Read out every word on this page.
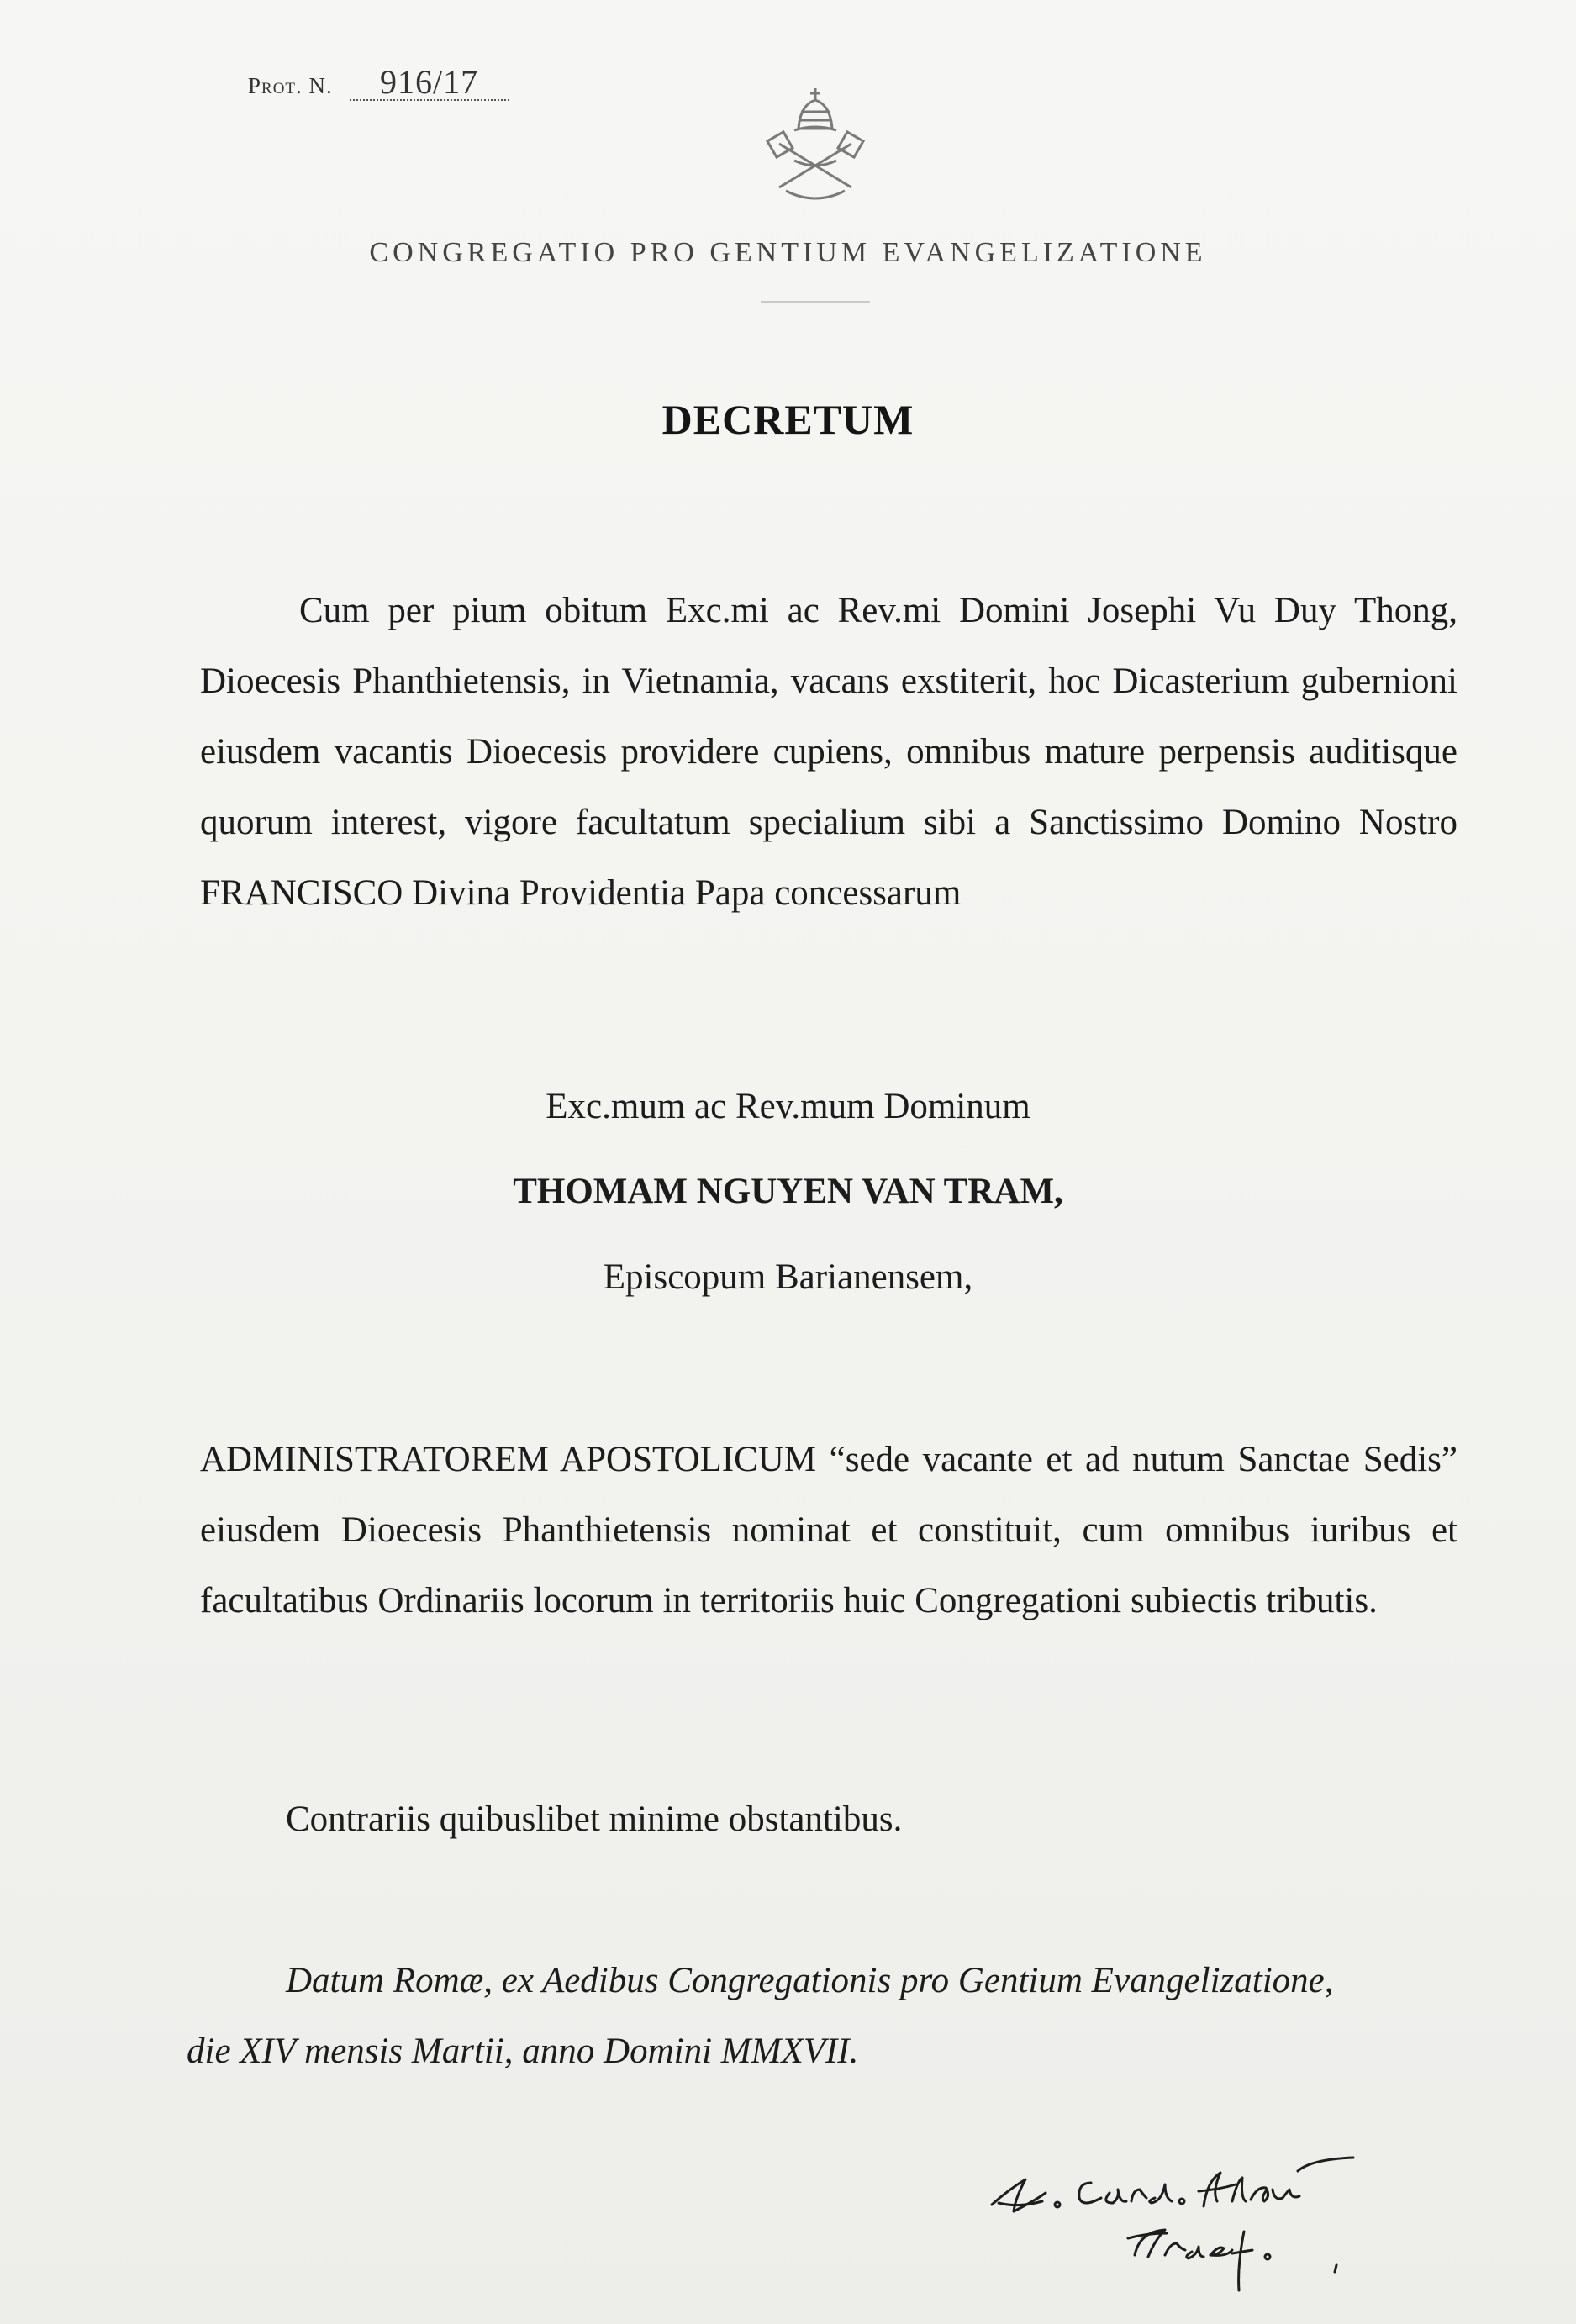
Prot. N. 916/17
CONGREGATIO PRO GENTIUM EVANGELIZATIONE
DECRETUM
Cum per pium obitum Exc.mi ac Rev.mi Domini Josephi Vu Duy Thong, Dioecesis Phanthietensis, in Vietnamia, vacans exstiterit, hoc Dicasterium gubernioni eiusdem vacantis Dioecesis providere cupiens, omnibus mature perpensis auditisque quorum interest, vigore facultatum specialium sibi a Sanctissimo Domino Nostro FRANCISCO Divina Providentia Papa concessarum
Exc.mum ac Rev.mum Dominum
THOMAM NGUYEN VAN TRAM,
Episcopum Barianensem,
ADMINISTRATOREM APOSTOLICUM “sede vacante et ad nutum Sanctae Sedis” eiusdem Dioecesis Phanthietensis nominat et constituit, cum omnibus iuribus et facultatibus Ordinariis locorum in territoriis huic Congregationi subiectis tributis.
Contrariis quibuslibet minime obstantibus.
Datum Romæ, ex Aedibus Congregationis pro Gentium Evangelizatione,
die XIV mensis Martii, anno Domini MMXVII.
